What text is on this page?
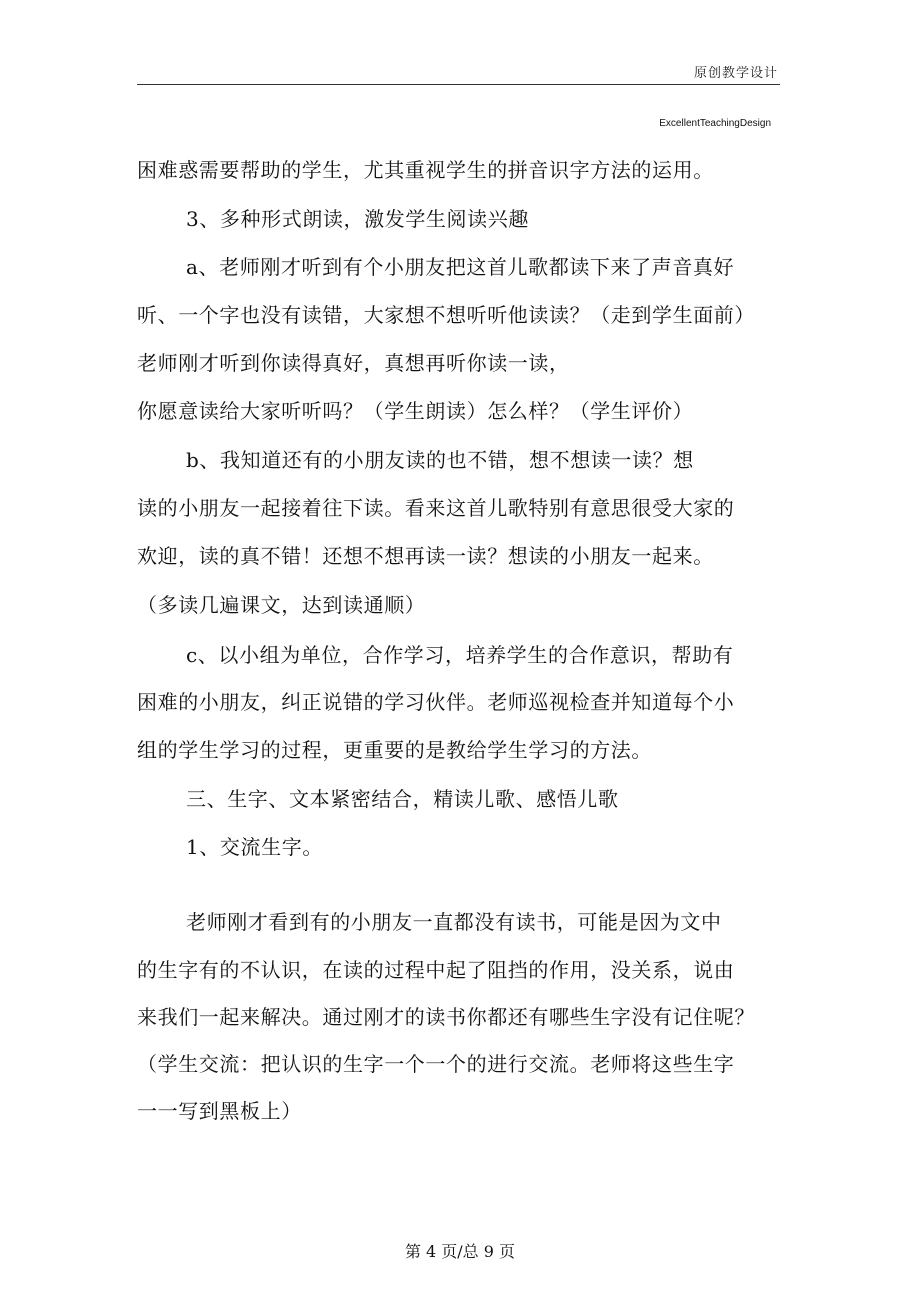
原创教学设计
ExcellentTeachingDesign
困难惑需要帮助的学生，尤其重视学生的拼音识字方法的运用。
3、多种形式朗读，激发学生阅读兴趣
a、老师刚才听到有个小朋友把这首儿歌都读下来了声音真好
听、一个字也没有读错，大家想不想听听他读读？（走到学生面前）
老师刚才听到你读得真好，真想再听你读一读，
你愿意读给大家听听吗？（学生朗读）怎么样？（学生评价）
b、我知道还有的小朋友读的也不错，想不想读一读？想
读的小朋友一起接着往下读。看来这首儿歌特别有意思很受大家的
欢迎，读的真不错！还想不想再读一读？想读的小朋友一起来。
（多读几遍课文，达到读通顺）
c、以小组为单位，合作学习，培养学生的合作意识，帮助有
困难的小朋友，纠正说错的学习伙伴。老师巡视检查并知道每个小
组的学生学习的过程，更重要的是教给学生学习的方法。
三、生字、文本紧密结合，精读儿歌、感悟儿歌
1、交流生字。
老师刚才看到有的小朋友一直都没有读书，可能是因为文中
的生字有的不认识，在读的过程中起了阻挡的作用，没关系，说由
来我们一起来解决。通过刚才的读书你都还有哪些生字没有记住呢？
（学生交流：把认识的生字一个一个的进行交流。老师将这些生字
一一写到黑板上）
第 4 页/总 9 页
